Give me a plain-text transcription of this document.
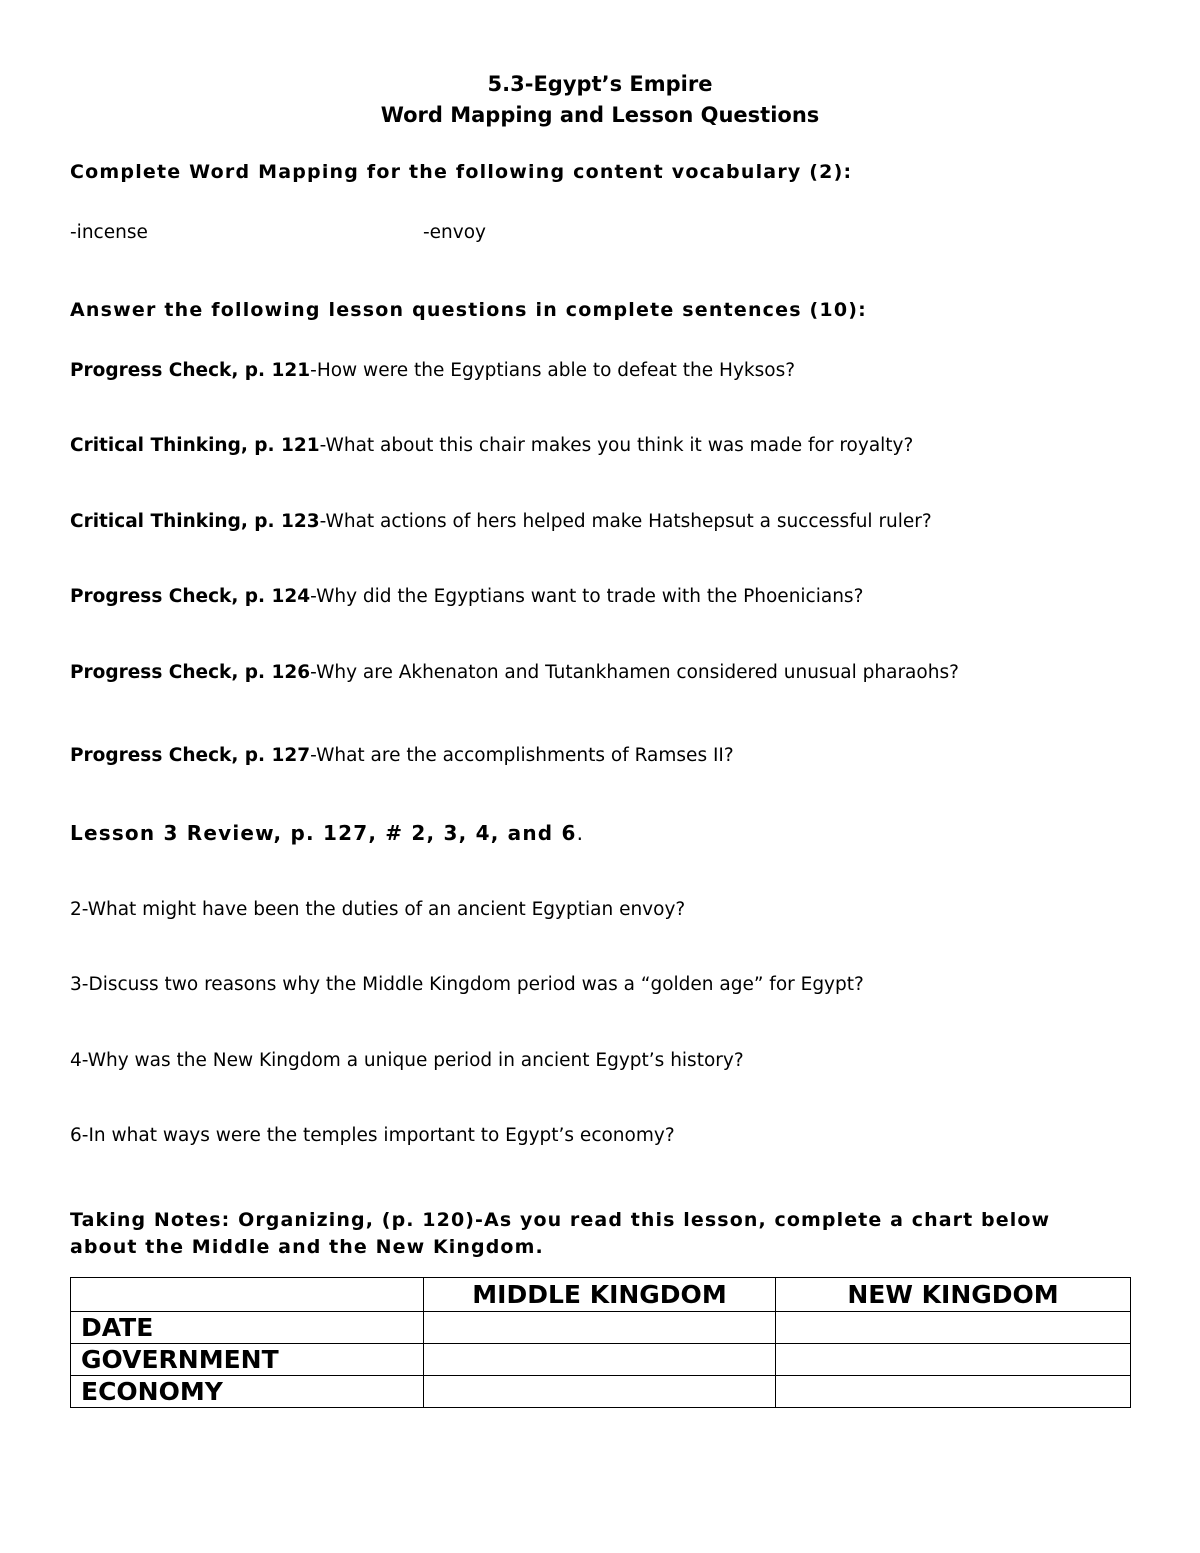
5.3-Egypt’s Empire
Word Mapping and Lesson Questions
Complete Word Mapping for the following content vocabulary (2):
-incense	-envoy
Answer the following lesson questions in complete sentences (10):
Progress Check, p. 121-How were the Egyptians able to defeat the Hyksos?
Critical Thinking, p. 121-What about this chair makes you think it was made for royalty?
Critical Thinking, p. 123-What actions of hers helped make Hatshepsut a successful ruler?
Progress Check, p. 124-Why did the Egyptians want to trade with the Phoenicians?
Progress Check, p. 126-Why are Akhenaton and Tutankhamen considered unusual pharaohs?
Progress Check, p. 127-What are the accomplishments of Ramses II?
Lesson 3 Review, p. 127, # 2, 3, 4, and 6.
2-What might have been the duties of an ancient Egyptian envoy?
3-Discuss two reasons why the Middle Kingdom period was a “golden age” for Egypt?
4-Why was the New Kingdom a unique period in ancient Egypt’s history?
6-In what ways were the temples important to Egypt’s economy?
Taking Notes: Organizing, (p. 120)-As you read this lesson, complete a chart below
about the Middle and the New Kingdom.
	MIDDLE KINGDOM	NEW KINGDOM
DATE		
GOVERNMENT		
ECONOMY		
